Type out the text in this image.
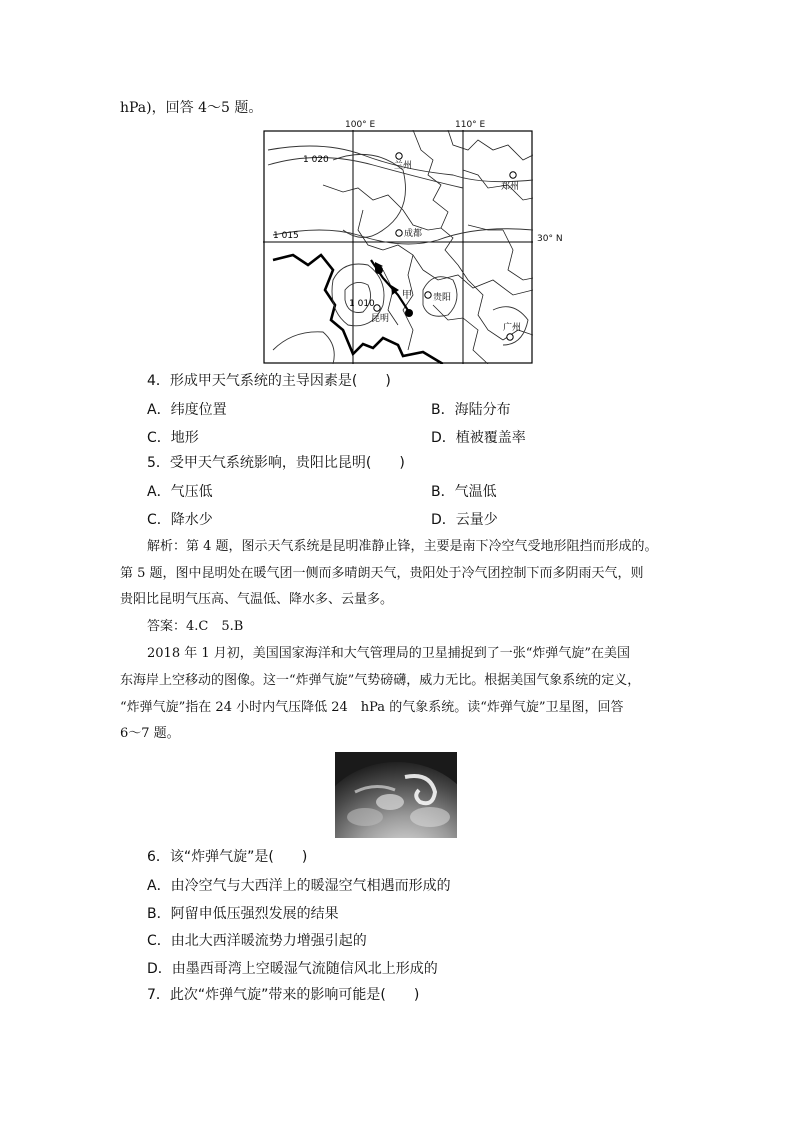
hPa)，回答 4～5 题。
兰州
郑州
成都
贵阳
昆明
广州
1 020
1 015
1 010
甲
100° E	110° E
30° N
4．形成甲天气系统的主导因素是(　　)
A．纬度位置	B．海陆分布
C．地形	D．植被覆盖率
5．受甲天气系统影响，贵阳比昆明(　　)
A．气压低	B．气温低
C．降水少	D．云量少
解析：第 4 题，图示天气系统是昆明准静止锋，主要是南下冷空气受地形阻挡而形成的。
第 5 题，图中昆明处在暖气团一侧而多晴朗天气，贵阳处于冷气团控制下而多阴雨天气，则
贵阳比昆明气压高、气温低、降水多、云量多。
答案：4.C　5.B
2018 年 1 月初，美国国家海洋和大气管理局的卫星捕捉到了一张“炸弹气旋”在美国
东海岸上空移动的图像。这一“炸弹气旋”气势磅礴，威力无比。根据美国气象系统的定义，
“炸弹气旋”指在 24 小时内气压降低 24　hPa 的气象系统。读“炸弹气旋”卫星图，回答
6～7 题。
6．该“炸弹气旋”是(　　)
A．由冷空气与大西洋上的暖湿空气相遇而形成的
B．阿留申低压强烈发展的结果
C．由北大西洋暖流势力增强引起的
D．由墨西哥湾上空暖湿气流随信风北上形成的
7．此次“炸弹气旋”带来的影响可能是(　　)
